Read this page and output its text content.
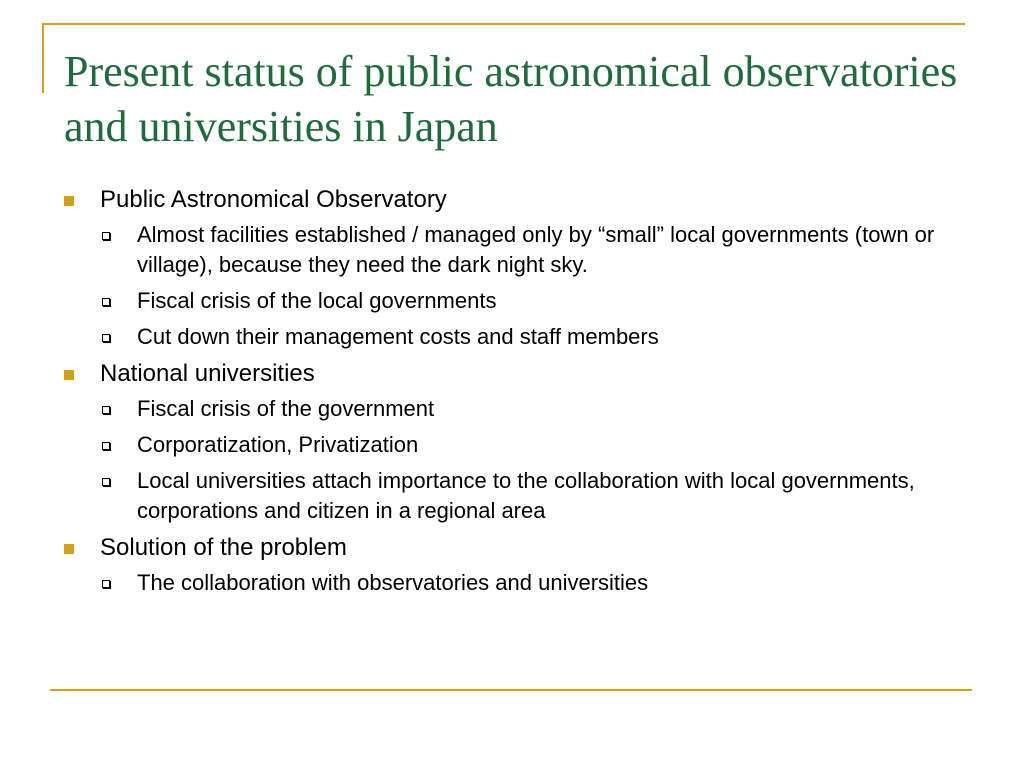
Present status of public astronomical observatories and universities in Japan
Public Astronomical Observatory
Almost facilities established / managed only by “small” local governments (town or village), because they need the dark night sky.
Fiscal crisis of the local governments
Cut down their management costs and staff members
National universities
Fiscal crisis of the government
Corporatization, Privatization
Local universities attach importance to the collaboration with local governments, corporations and citizen in a regional area
Solution of the problem
The collaboration with observatories and universities
